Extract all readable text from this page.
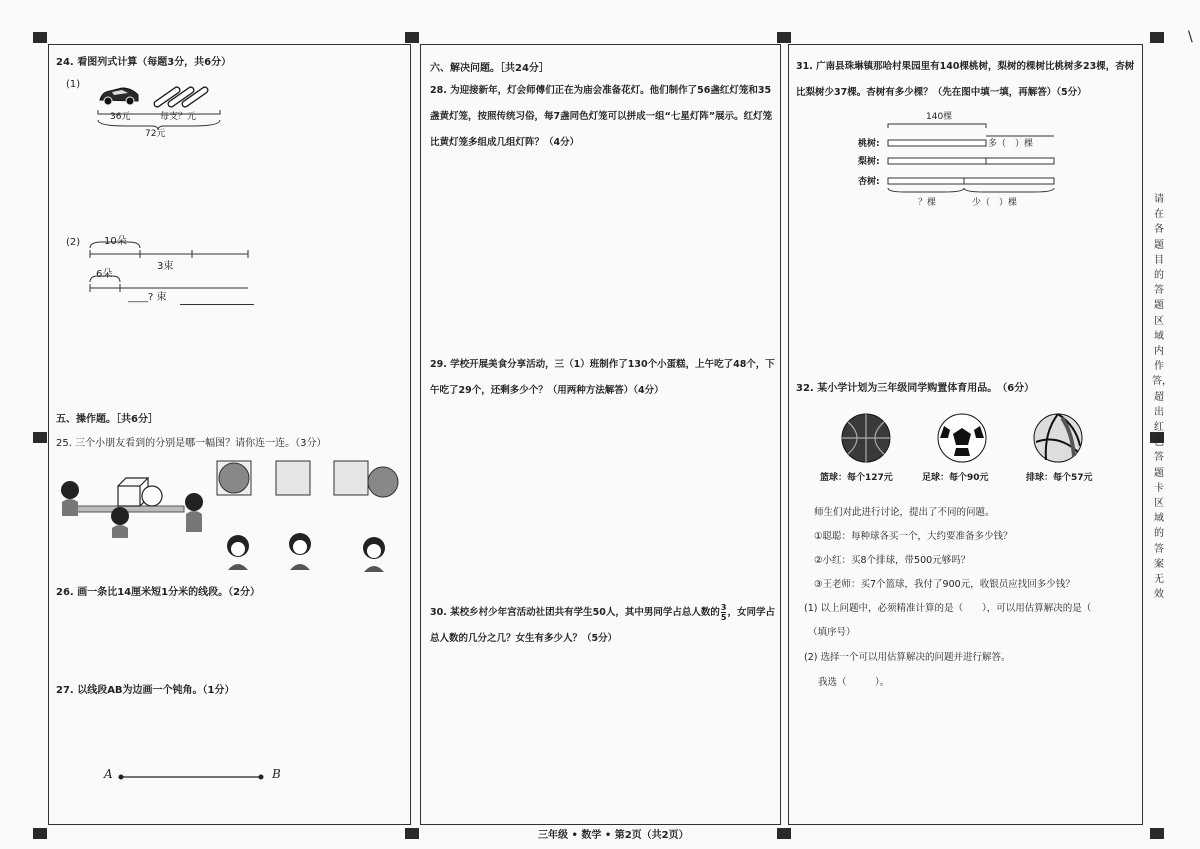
\
请在各题目的答题区域内作答，超出红色答题卡区域的答案无效
三年级 • 数学 • 第2页（共2页）
24. 看图列式计算（每题3分，共6分）
(1)
36元	每支？元
72元
(2) 10朵
3束
6朵
____? 束
五、操作题。［共6分］
25. 三个小朋友看到的分别是哪一幅图？请你连一连。（3分）
26. 画一条比14厘米短1分米的线段。（2分）
27. 以线段AB为边画一个钝角。（1分）
A	B
六、解决问题。［共24分］
28. 为迎接新年，灯会师傅们正在为庙会准备花灯。他们制作了56盏红灯笼和35盏黄灯笼，按照传统习俗，每7盏同色灯笼可以拼成一组“七星灯阵”展示。红灯笼比黄灯笼多组成几组灯阵？（4分）
29. 学校开展美食分享活动，三（1）班制作了130个小蛋糕，上午吃了48个，下午吃了29个，还剩多少个？（用两种方法解答）（4分）
30. 某校乡村少年宫活动社团共有学生50人，其中男同学占总人数的 $\frac{3}{5}$ ，女同学占总人数的几分之几？女生有多少人？（5分）
31. 广南县珠琳镇那哈村果园里有140棵桃树，梨树的棵树比桃树多23棵，杏树比梨树少37棵。杏树有多少棵？（先在图中填一填，再解答）（5分）
140棵
桃树:
梨树:
杏树:
多（　）棵
？棵	少（　）棵
32. 某小学计划为三年级同学购置体育用品。　（6分）
篮球：每个127元	足球：每个90元	排球：每个57元
师生们对此进行讨论，提出了不同的问题。
①聪聪：每种球各买一个，大约要准备多少钱？
②小红：买8个排球，带500元够吗？
③王老师：买7个篮球，我付了900元，收银员应找回多少钱？
(1) 以上问题中，必须精准计算的是（　　），可以用估算解决的是（
（填序号）
(2) 选择一个可以用估算解决的问题并进行解答。
我选（　　　）。
